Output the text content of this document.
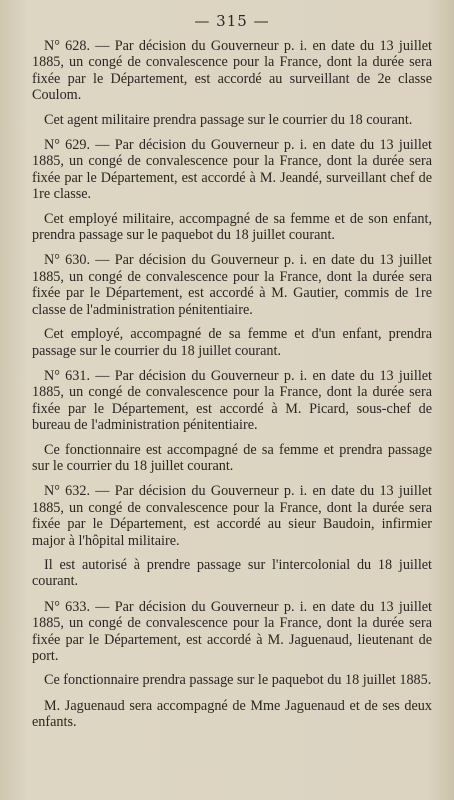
— 315 —

N° 628. — Par décision du Gouverneur p. i. en date du 13 juillet 1885, un congé de convalescence pour la France, dont la durée sera fixée par le Département, est accordé au surveillant de 2e classe Coulom.

Cet agent militaire prendra passage sur le courrier du 18 courant.

N° 629. — Par décision du Gouverneur p. i. en date du 13 juillet 1885, un congé de convalescence pour la France, dont la durée sera fixée par le Département, est accordé à M. Jeandé, surveillant chef de 1re classe.

Cet employé militaire, accompagné de sa femme et de son enfant, prendra passage sur le paquebot du 18 juillet courant.

N° 630. — Par décision du Gouverneur p. i. en date du 13 juillet 1885, un congé de convalescence pour la France, dont la durée sera fixée par le Département, est accordé à M. Gautier, commis de 1re classe de l'administration pénitentiaire.

Cet employé, accompagné de sa femme et d'un enfant, prendra passage sur le courrier du 18 juillet courant.

N° 631. — Par décision du Gouverneur p. i. en date du 13 juillet 1885, un congé de convalescence pour la France, dont la durée sera fixée par le Département, est accordé à M. Picard, sous-chef de bureau de l'administration pénitentiaire.

Ce fonctionnaire est accompagné de sa femme et prendra passage sur le courrier du 18 juillet courant.

N° 632. — Par décision du Gouverneur p. i. en date du 13 juillet 1885, un congé de convalescence pour la France, dont la durée sera fixée par le Département, est accordé au sieur Baudoin, infirmier major à l'hôpital militaire.

Il est autorisé à prendre passage sur l'intercolonial du 18 juillet courant.

N° 633. — Par décision du Gouverneur p. i. en date du 13 juillet 1885, un congé de convalescence pour la France, dont la durée sera fixée par le Département, est accordé à M. Jaguenaud, lieutenant de port.

Ce fonctionnaire prendra passage sur le paquebot du 18 juillet 1885.

M. Jaguenaud sera accompagné de Mme Jaguenaud et de ses deux enfants.
